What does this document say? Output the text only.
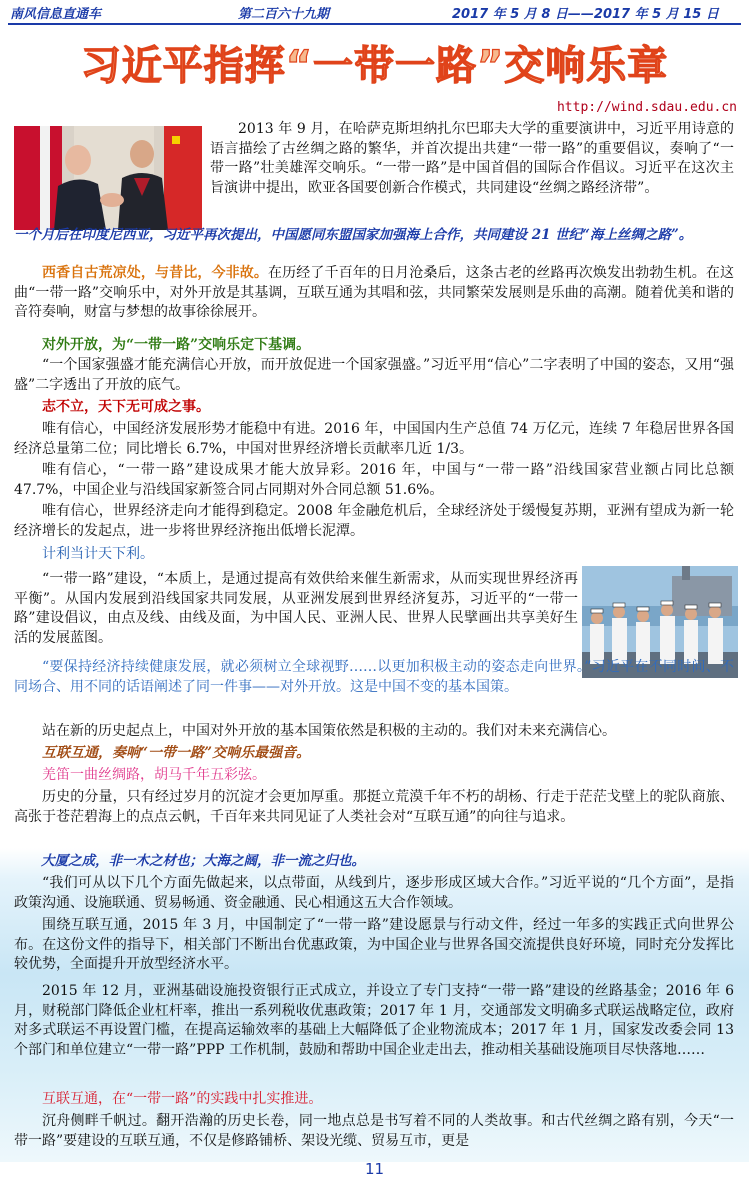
南风信息直通车	第二百六十九期	2017 年 5 月 8 日——2017 年 5 月 15 日
习近平指挥“一带一路”交响乐章
http://wind.sdau.edu.cn

2013 年 9 月，在哈萨克斯坦纳扎尔巴耶夫大学的重要演讲中，习近平用诗意的语言描绘了古丝绸之路的繁华，并首次提出共建“一带一路”的重要倡议，奏响了“一带一路”壮美雄浑交响乐。“一带一路”是中国首倡的国际合作倡议。习近平在这次主旨演讲中提出，欧亚各国要创新合作模式，共同建设“丝绸之路经济带”。

一个月后在印度尼西亚，习近平再次提出，中国愿同东盟国家加强海上合作，共同建设 21 世纪“海上丝绸之路”。

西香自古荒凉处，与昔比，今非故。在历经了千百年的日月沧桑后，这条古老的丝路再次焕发出勃勃生机。在这曲“一带一路”交响乐中，对外开放是其基调，互联互通为其唱和弦，共同繁荣发展则是乐曲的高潮。随着优美和谐的音符奏响，财富与梦想的故事徐徐展开。

对外开放，为“一带一路”交响乐定下基调。

“一个国家强盛才能充满信心开放，而开放促进一个国家强盛。”习近平用“信心”二字表明了中国的姿态，又用“强盛”二字透出了开放的底气。

志不立，天下无可成之事。

唯有信心，中国经济发展形势才能稳中有进。2016 年，中国国内生产总值 74 万亿元，连续 7 年稳居世界各国经济总量第二位；同比增长 6.7%，中国对世界经济增长贡献率几近 1/3。

唯有信心，“一带一路”建设成果才能大放异彩。2016 年，中国与“一带一路”沿线国家营业额占同比总额 47.7%，中国企业与沿线国家新签合同占同期对外合同总额 51.6%。

唯有信心，世界经济走向才能得到稳定。2008 年金融危机后，全球经济处于缓慢复苏期，亚洲有望成为新一轮经济增长的发起点，进一步将世界经济拖出低增长泥潭。

计利当计天下利。

“一带一路”建设，“本质上，是通过提高有效供给来催生新需求，从而实现世界经济再平衡”。从国内发展到沿线国家共同发展，从亚洲发展到世界经济复苏，习近平的“一带一路”建设倡议，由点及线、由线及面，为中国人民、亚洲人民、世界人民擘画出共享美好生活的发展蓝图。

“要保持经济持续健康发展，就必须树立全球视野……以更加积极主动的姿态走向世界。”习近平在不同时间、不同场合、用不同的话语阐述了同一件事——对外开放。这是中国不变的基本国策。

站在新的历史起点上，中国对外开放的基本国策依然是积极的主动的。我们对未来充满信心。

互联互通，奏响“一带一路”交响乐最强音。

羌笛一曲丝绸路，胡马千年五彩弦。

历史的分量，只有经过岁月的沉淀才会更加厚重。那挺立荒漠千年不朽的胡杨、行走于茫茫戈壁上的驼队商旅、高张于苍茫碧海上的点点云帆，千百年来共同见证了人类社会对“互联互通”的向往与追求。

大厦之成，非一木之材也；大海之阔，非一流之归也。

“我们可从以下几个方面先做起来，以点带面，从线到片，逐步形成区域大合作。”习近平说的“几个方面”，是指政策沟通、设施联通、贸易畅通、资金融通、民心相通这五大合作领域。

围绕互联互通，2015 年 3 月，中国制定了“一带一路”建设愿景与行动文件，经过一年多的实践正式向世界公布。在这份文件的指导下，相关部门不断出台优惠政策，为中国企业与世界各国交流提供良好环境，同时充分发挥比较优势，全面提升开放型经济水平。

2015 年 12 月，亚洲基础设施投资银行正式成立，并设立了专门支持“一带一路”建设的丝路基金；2016 年 6 月，财税部门降低企业杠杆率，推出一系列税收优惠政策；2017 年 1 月，交通部发文明确多式联运战略定位，政府对多式联运不再设置门槛，在提高运输效率的基础上大幅降低了企业物流成本；2017 年 1 月，国家发改委会同 13 个部门和单位建立“一带一路”PPP 工作机制，鼓励和帮助中国企业走出去，推动相关基础设施项目尽快落地……

互联互通，在“一带一路”的实践中扎实推进。

沉舟侧畔千帆过。翻开浩瀚的历史长卷，同一地点总是书写着不同的人类故事。和古代丝绸之路有别，今天“一带一路”要建设的互联互通，不仅是修路铺桥、架设光缆、贸易互市，更是

11
